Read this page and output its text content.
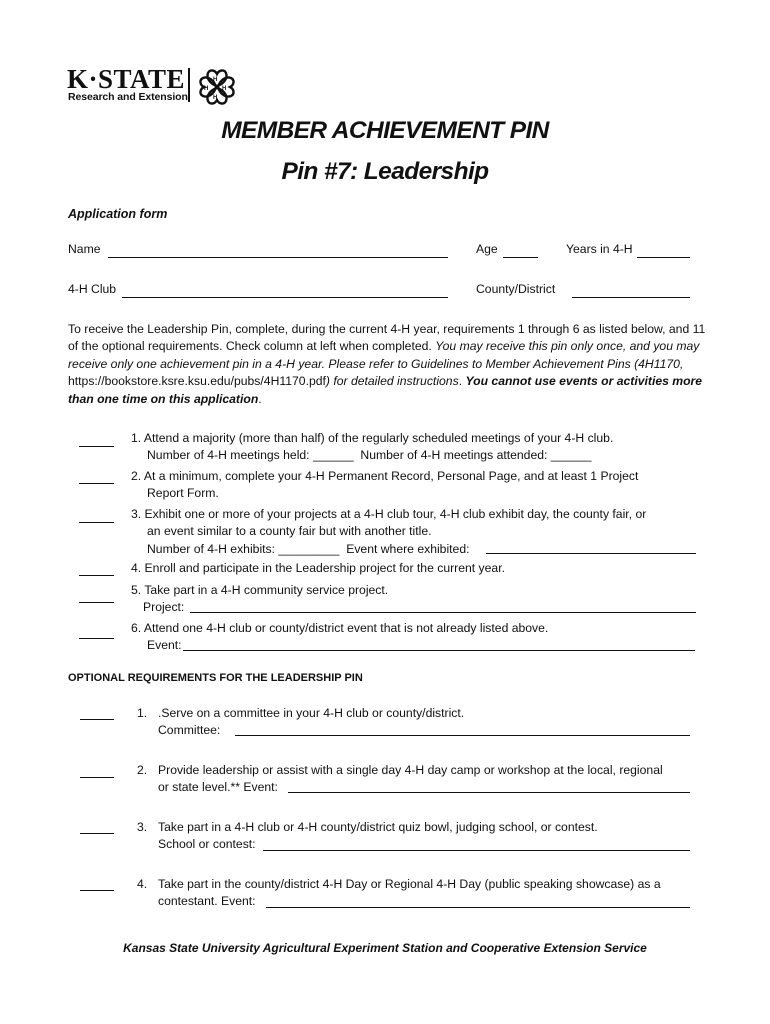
K·STATE
Research and Extension
H
H
H H
MEMBER ACHIEVEMENT PIN
Pin #7: Leadership
Application form
Name	Age	Years in 4-H
4-H Club	County/District
To receive the Leadership Pin, complete, during the current 4-H year, requirements 1 through 6 as listed below, and 11 of the optional requirements. Check column at left when completed. You may receive this pin only once, and you may receive only one achievement pin in a 4-H year. Please refer to Guidelines to Member Achievement Pins (4H1170, https://bookstore.ksre.ksu.edu/pubs/4H1170.pdf) for detailed instructions. You cannot use events or activities more than one time on this application.
1. Attend a majority (more than half) of the regularly scheduled meetings of your 4-H club.
Number of 4-H meetings held: ______ Number of 4-H meetings attended: ______
2. At a minimum, complete your 4-H Permanent Record, Personal Page, and at least 1 Project
Report Form.
3. Exhibit one or more of your projects at a 4-H club tour, 4-H club exhibit day, the county fair, or
an event similar to a county fair but with another title.
Number of 4-H exhibits: _________ Event where exhibited:
4. Enroll and participate in the Leadership project for the current year.
5. Take part in a 4-H community service project.
Project:
6. Attend one 4-H club or county/district event that is not already listed above.
Event:
OPTIONAL REQUIREMENTS FOR THE LEADERSHIP PIN
1. .Serve on a committee in your 4-H club or county/district.
Committee:
2. Provide leadership or assist with a single day 4-H day camp or workshop at the local, regional
or state level.** Event:
3. Take part in a 4-H club or 4-H county/district quiz bowl, judging school, or contest.
School or contest:
4. Take part in the county/district 4-H Day or Regional 4-H Day (public speaking showcase) as a
contestant. Event:
Kansas State University Agricultural Experiment Station and Cooperative Extension Service
